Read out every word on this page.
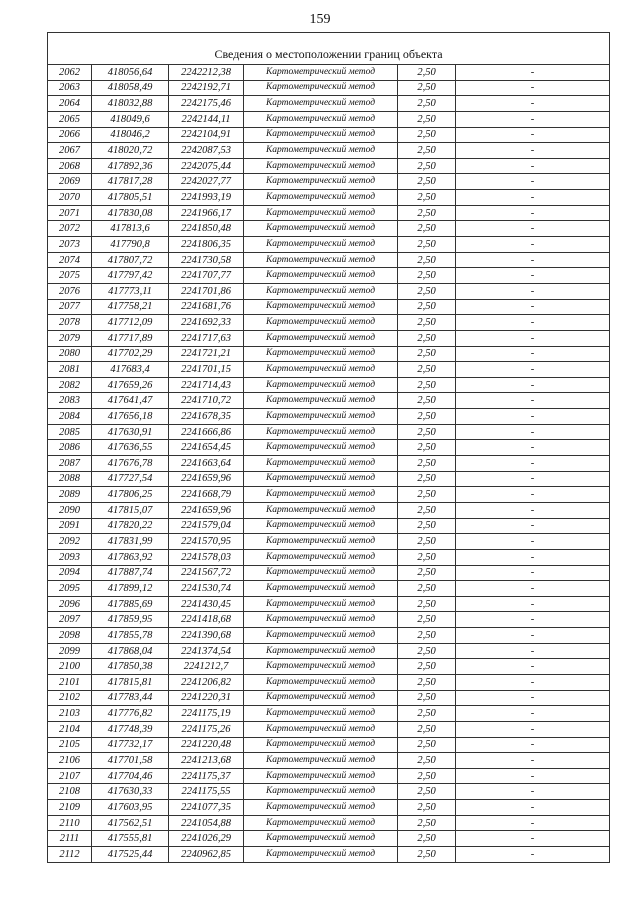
159
Сведения о местоположении границ объекта					
2062	418056,64	2242212,38	Картометрический метод	2,50	-
2063	418058,49	2242192,71	Картометрический метод	2,50	-
2064	418032,88	2242175,46	Картометрический метод	2,50	-
2065	418049,6	2242144,11	Картометрический метод	2,50	-
2066	418046,2	2242104,91	Картометрический метод	2,50	-
2067	418020,72	2242087,53	Картометрический метод	2,50	-
2068	417892,36	2242075,44	Картометрический метод	2,50	-
2069	417817,28	2242027,77	Картометрический метод	2,50	-
2070	417805,51	2241993,19	Картометрический метод	2,50	-
2071	417830,08	2241966,17	Картометрический метод	2,50	-
2072	417813,6	2241850,48	Картометрический метод	2,50	-
2073	417790,8	2241806,35	Картометрический метод	2,50	-
2074	417807,72	2241730,58	Картометрический метод	2,50	-
2075	417797,42	2241707,77	Картометрический метод	2,50	-
2076	417773,11	2241701,86	Картометрический метод	2,50	-
2077	417758,21	2241681,76	Картометрический метод	2,50	-
2078	417712,09	2241692,33	Картометрический метод	2,50	-
2079	417717,89	2241717,63	Картометрический метод	2,50	-
2080	417702,29	2241721,21	Картометрический метод	2,50	-
2081	417683,4	2241701,15	Картометрический метод	2,50	-
2082	417659,26	2241714,43	Картометрический метод	2,50	-
2083	417641,47	2241710,72	Картометрический метод	2,50	-
2084	417656,18	2241678,35	Картометрический метод	2,50	-
2085	417630,91	2241666,86	Картометрический метод	2,50	-
2086	417636,55	2241654,45	Картометрический метод	2,50	-
2087	417676,78	2241663,64	Картометрический метод	2,50	-
2088	417727,54	2241659,96	Картометрический метод	2,50	-
2089	417806,25	2241668,79	Картометрический метод	2,50	-
2090	417815,07	2241659,96	Картометрический метод	2,50	-
2091	417820,22	2241579,04	Картометрический метод	2,50	-
2092	417831,99	2241570,95	Картометрический метод	2,50	-
2093	417863,92	2241578,03	Картометрический метод	2,50	-
2094	417887,74	2241567,72	Картометрический метод	2,50	-
2095	417899,12	2241530,74	Картометрический метод	2,50	-
2096	417885,69	2241430,45	Картометрический метод	2,50	-
2097	417859,95	2241418,68	Картометрический метод	2,50	-
2098	417855,78	2241390,68	Картометрический метод	2,50	-
2099	417868,04	2241374,54	Картометрический метод	2,50	-
2100	417850,38	2241212,7	Картометрический метод	2,50	-
2101	417815,81	2241206,82	Картометрический метод	2,50	-
2102	417783,44	2241220,31	Картометрический метод	2,50	-
2103	417776,82	2241175,19	Картометрический метод	2,50	-
2104	417748,39	2241175,26	Картометрический метод	2,50	-
2105	417732,17	2241220,48	Картометрический метод	2,50	-
2106	417701,58	2241213,68	Картометрический метод	2,50	-
2107	417704,46	2241175,37	Картометрический метод	2,50	-
2108	417630,33	2241175,55	Картометрический метод	2,50	-
2109	417603,95	2241077,35	Картометрический метод	2,50	-
2110	417562,51	2241054,88	Картометрический метод	2,50	-
2111	417555,81	2241026,29	Картометрический метод	2,50	-
2112	417525,44	2240962,85	Картометрический метод	2,50	-
